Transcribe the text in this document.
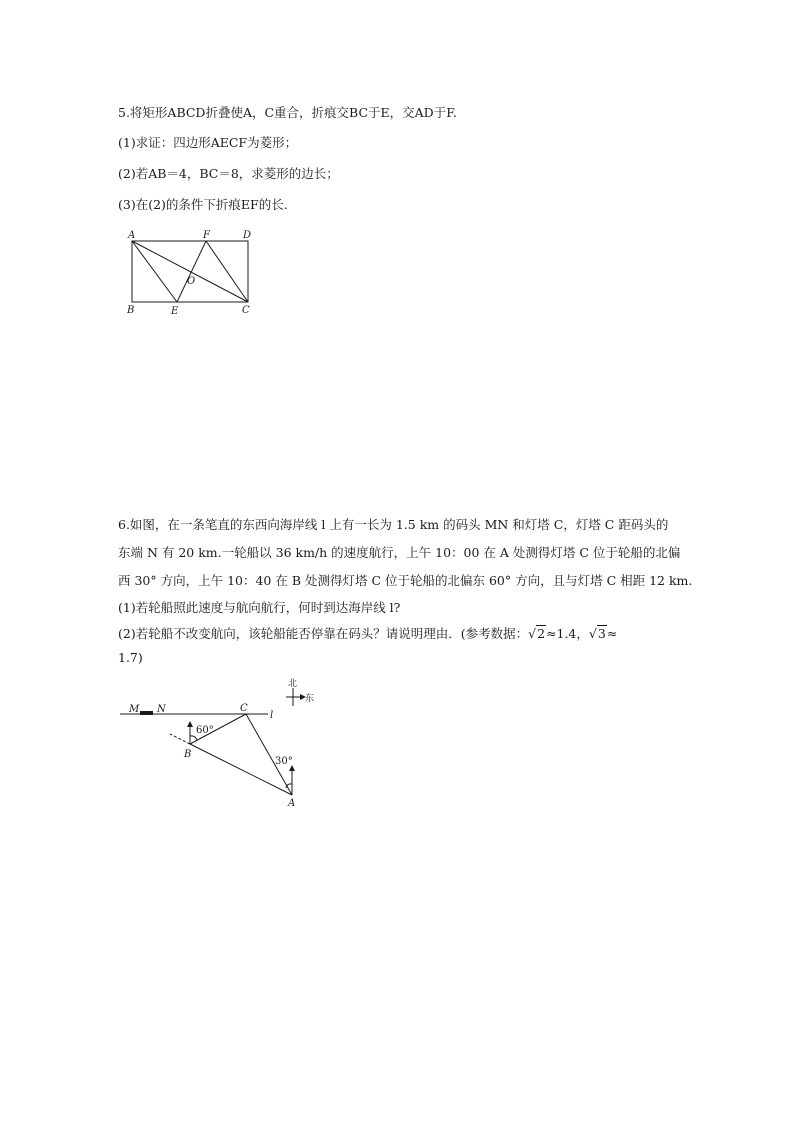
5.将矩形ABCD折叠使A，C重合，折痕交BC于E，交AD于F.
(1)求证：四边形AECF为菱形；
(2)若AB＝4，BC＝8，求菱形的边长；
(3)在(2)的条件下折痕EF的长.
A	F	D
O
B	E	C
6.如图，在一条笔直的东西向海岸线 l 上有一长为 1.5 km 的码头 MN 和灯塔 C，灯塔 C 距码头的
东端 N 有 20 km.一轮船以 36 km/h 的速度航行，上午 10：00 在 A 处测得灯塔 C 位于轮船的北偏
西 30° 方向，上午 10：40 在 B 处测得灯塔 C 位于轮船的北偏东 60° 方向，且与灯塔 C 相距 12 km.
(1)若轮船照此速度与航向航行，何时到达海岸线 l?
(2)若轮船不改变航向，该轮船能否停靠在码头？请说明理由．(参考数据：√2≈1.4，√3≈
1.7)
M N	C
l
B
A
60°
30°
北
东
